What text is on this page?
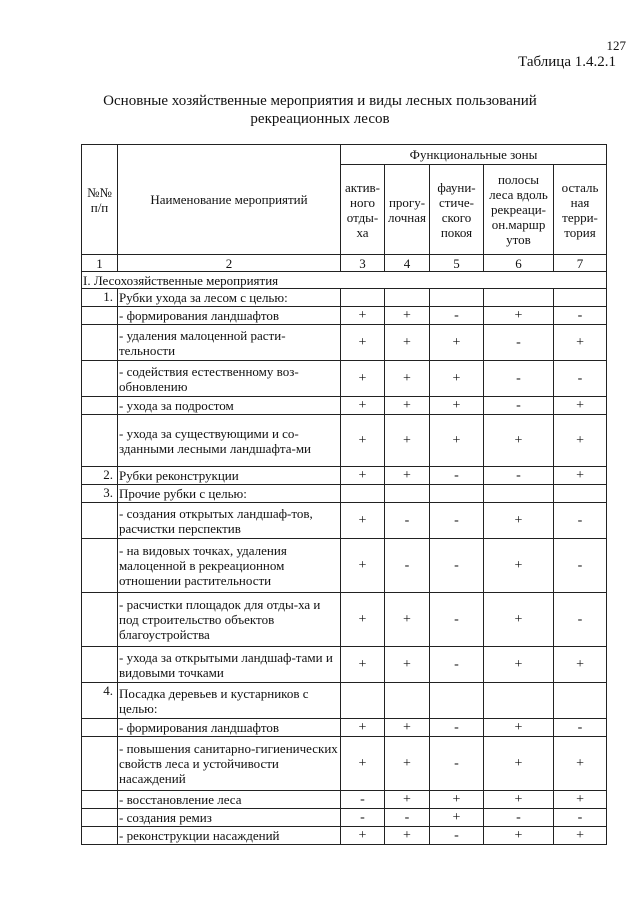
127
Таблица 1.4.2.1
Основные хозяйственные мероприятия и виды лесных пользований
рекреационных лесов
№№ п/п	Наименование мероприятий	Функциональные зоны				
		актив-ного отды-ха	прогу-лочная	фауни-стиче-ского покоя	полосы леса вдоль рекреаци-он.маршр утов	осталь ная терри-тория
1	2	3	4	5	6	7
I. Лесохозяйственные мероприятия						
1.	Рубки ухода за лесом с целью:					
	- формирования ландшафтов	+	+	-	+	-
	- удаления малоценной расти-тельности	+	+	+	-	+
	- содействия естественному воз-обновлению	+	+	+	-	-
	- ухода за подростом	+	+	+	-	+
	- ухода за существующими и со-зданными лесными ландшафта-ми	+	+	+	+	+
2.	Рубки реконструкции	+	+	-	-	+
3.	Прочие рубки с целью:					
	- создания открытых ландшаф-тов, расчистки перспектив	+	-	-	+	-
	- на видовых точках, удаления малоценной в рекреационном отношении растительности	+	-	-	+	-
	- расчистки площадок для отды-ха и под строительство объектов благоустройства	+	+	-	+	-
	- ухода за открытыми ландшаф-тами и видовыми точками	+	+	-	+	+
4.	Посадка деревьев и кустарников с целью:					
	- формирования ландшафтов	+	+	-	+	-
	- повышения санитарно-гигиенических свойств леса и устойчивости насаждений	+	+	-	+	+
	- восстановление леса	-	+	+	+	+
	- создания ремиз	-	-	+	-	-
	- реконструкции насаждений	+	+	-	+	+
